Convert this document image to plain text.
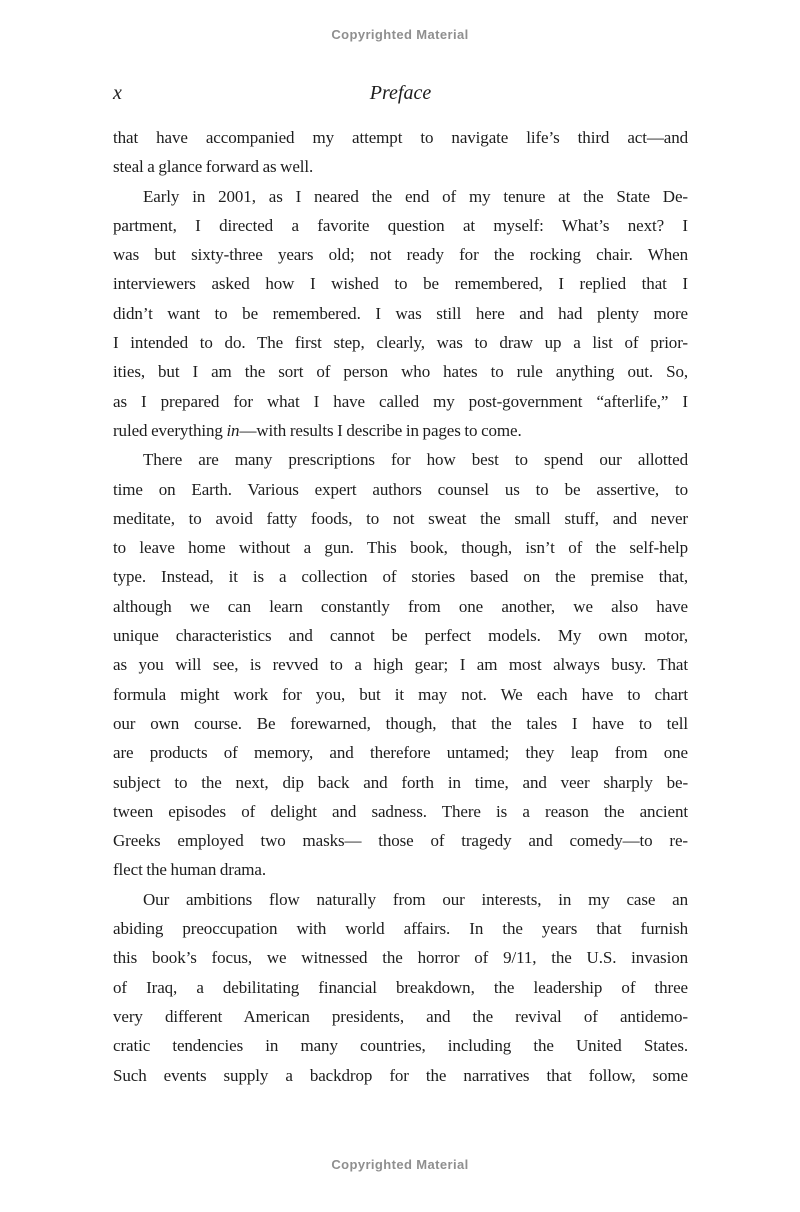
Copyrighted Material
x	Preface
that have accompanied my attempt to navigate life’s third act—and
steal a glance forward as well.
Early in 2001, as I neared the end of my tenure at the State De-
partment, I directed a favorite question at myself: What’s next? I
was but sixty-three years old; not ready for the rocking chair. When
interviewers asked how I wished to be remembered, I replied that I
didn’t want to be remembered. I was still here and had plenty more
I intended to do. The first step, clearly, was to draw up a list of prior-
ities, but I am the sort of person who hates to rule anything out. So,
as I prepared for what I have called my post-government “afterlife,” I
ruled everything in—with results I describe in pages to come.
There are many prescriptions for how best to spend our allotted
time on Earth. Various expert authors counsel us to be assertive, to
meditate, to avoid fatty foods, to not sweat the small stuff, and never
to leave home without a gun. This book, though, isn’t of the self-help
type. Instead, it is a collection of stories based on the premise that,
although we can learn constantly from one another, we also have
unique characteristics and cannot be perfect models. My own motor,
as you will see, is revved to a high gear; I am most always busy. That
formula might work for you, but it may not. We each have to chart
our own course. Be forewarned, though, that the tales I have to tell
are products of memory, and therefore untamed; they leap from one
subject to the next, dip back and forth in time, and veer sharply be-
tween episodes of delight and sadness. There is a reason the ancient
Greeks employed two masks— those of tragedy and comedy—to re-
flect the human drama.
Our ambitions flow naturally from our interests, in my case an
abiding preoccupation with world affairs. In the years that furnish
this book’s focus, we witnessed the horror of 9/11, the U.S. invasion
of Iraq, a debilitating financial breakdown, the leadership of three
very different American presidents, and the revival of antidemo-
cratic tendencies in many countries, including the United States.
Such events supply a backdrop for the narratives that follow, some
Copyrighted Material
